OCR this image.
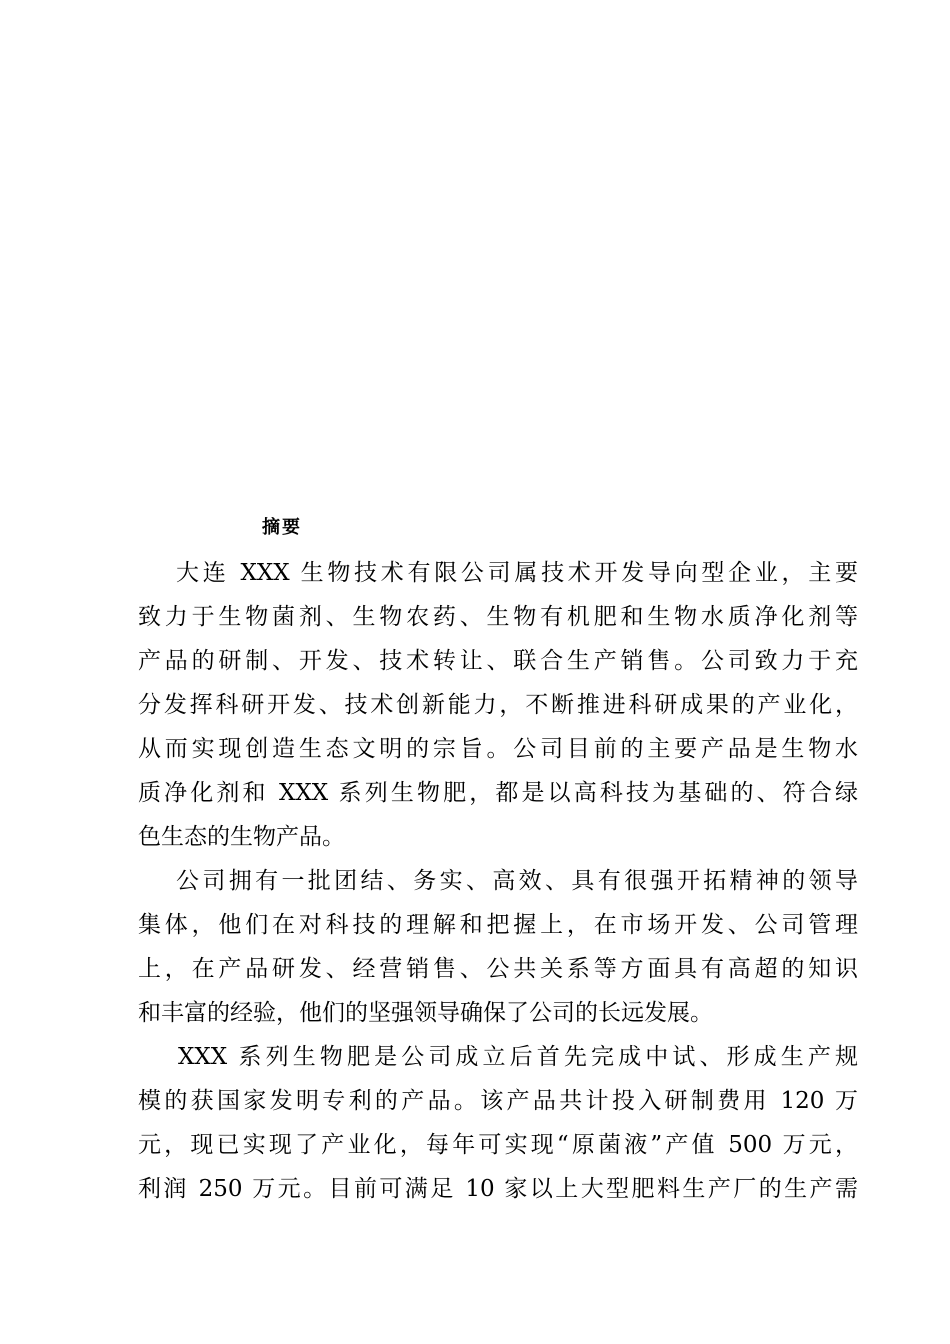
摘要
大连 XXX 生物技术有限公司属技术开发导向型企业，主要
致力于生物菌剂、生物农药、生物有机肥和生物水质净化剂等
产品的研制、开发、技术转让、联合生产销售。公司致力于充
分发挥科研开发、技术创新能力，不断推进科研成果的产业化，
从而实现创造生态文明的宗旨。公司目前的主要产品是生物水
质净化剂和 XXX 系列生物肥，都是以高科技为基础的、符合绿
色生态的生物产品。
公司拥有一批团结、务实、高效、具有很强开拓精神的领导
集体，他们在对科技的理解和把握上，在市场开发、公司管理
上，在产品研发、经营销售、公共关系等方面具有高超的知识
和丰富的经验，他们的坚强领导确保了公司的长远发展。
XXX 系列生物肥是公司成立后首先完成中试、形成生产规
模的获国家发明专利的产品。该产品共计投入研制费用 120 万
元，现已实现了产业化，每年可实现“原菌液”产值 500 万元，
利润 250 万元。目前可满足 10 家以上大型肥料生产厂的生产需
